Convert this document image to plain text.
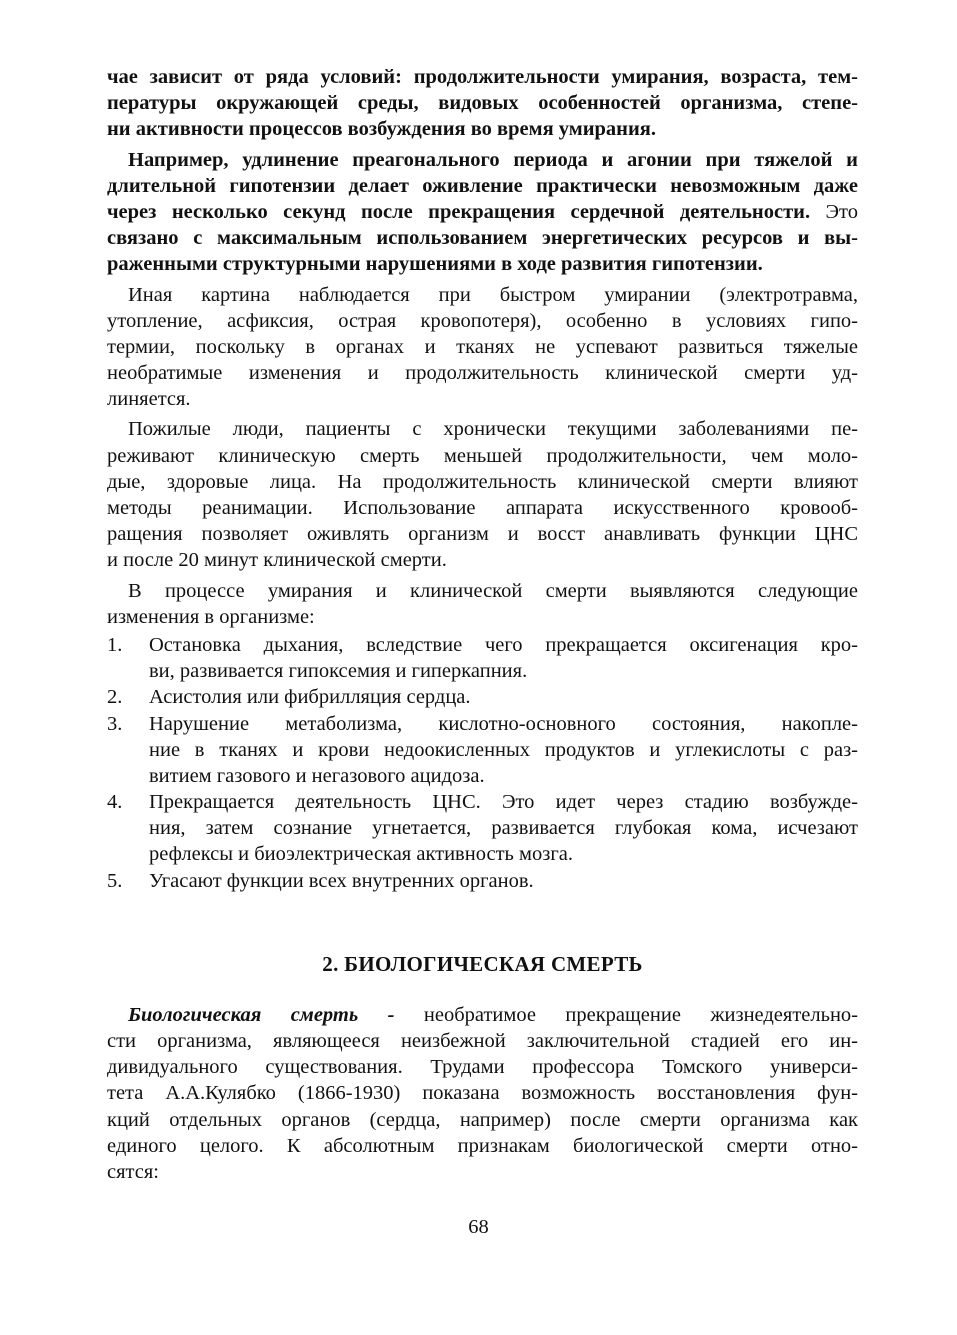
чае зависит от ряда условий: продолжительности умирания, возраста, тем-
пературы окружающей среды, видовых особенностей организма, степе-
ни активности процессов возбуждения во время умирания.
Например, удлинение преагонального периода и агонии при тяжелой и
длительной гипотензии делает оживление практически невозможным даже
через несколько секунд после прекращения сердечной деятельности. Это
связано с максимальным использованием энергетических ресурсов и вы-
раженными структурными нарушениями в ходе развития гипотензии.
Иная картина наблюдается при быстром умирании (электротравма,
утопление, асфиксия, острая кровопотеря), особенно в условиях гипо-
термии, поскольку в органах и тканях не успевают развиться тяжелые
необратимые изменения и продолжительность клинической смерти уд-
линяется.
Пожилые люди, пациенты с хронически текущими заболеваниями пе-
реживают клиническую смерть меньшей продолжительности, чем моло-
дые, здоровые лица. На продолжительность клинической смерти влияют
методы реанимации. Использование аппарата искусственного кровооб-
ращения позволяет оживлять организм и восст анавливать функции ЦНС
и после 20 минут клинической смерти.
В процессе умирания и клинической смерти выявляются следующие
изменения в организме:
1.	Остановка дыхания, вследствие чего прекращается оксигенация кро-
ви, развивается гипоксемия и гиперкапния.
2.	Асистолия или фибрилляция сердца.
3.	Нарушение метаболизма, кислотно-основного состояния, накопле-
ние в тканях и крови недоокисленных продуктов и углекислоты с раз-
витием газового и негазового ацидоза.
4.	Прекращается деятельность ЦНС. Это идет через стадию возбужде-
ния, затем сознание угнетается, развивается глубокая кома, исчезают
рефлексы и биоэлектрическая активность мозга.
5.	Угасают функции всех внутренних органов.
2. БИОЛОГИЧЕСКАЯ СМЕРТЬ
Биологическая смерть - необратимое прекращение жизнедеятельно-
сти организма, являющееся неизбежной заключительной стадией его ин-
дивидуального существования. Трудами профессора Томского универси-
тета А.А.Кулябко (1866-1930) показана возможность восстановления фун-
кций отдельных органов (сердца, например) после смерти организма как
единого целого. К абсолютным признакам биологической смерти отно-
сятся:
68
